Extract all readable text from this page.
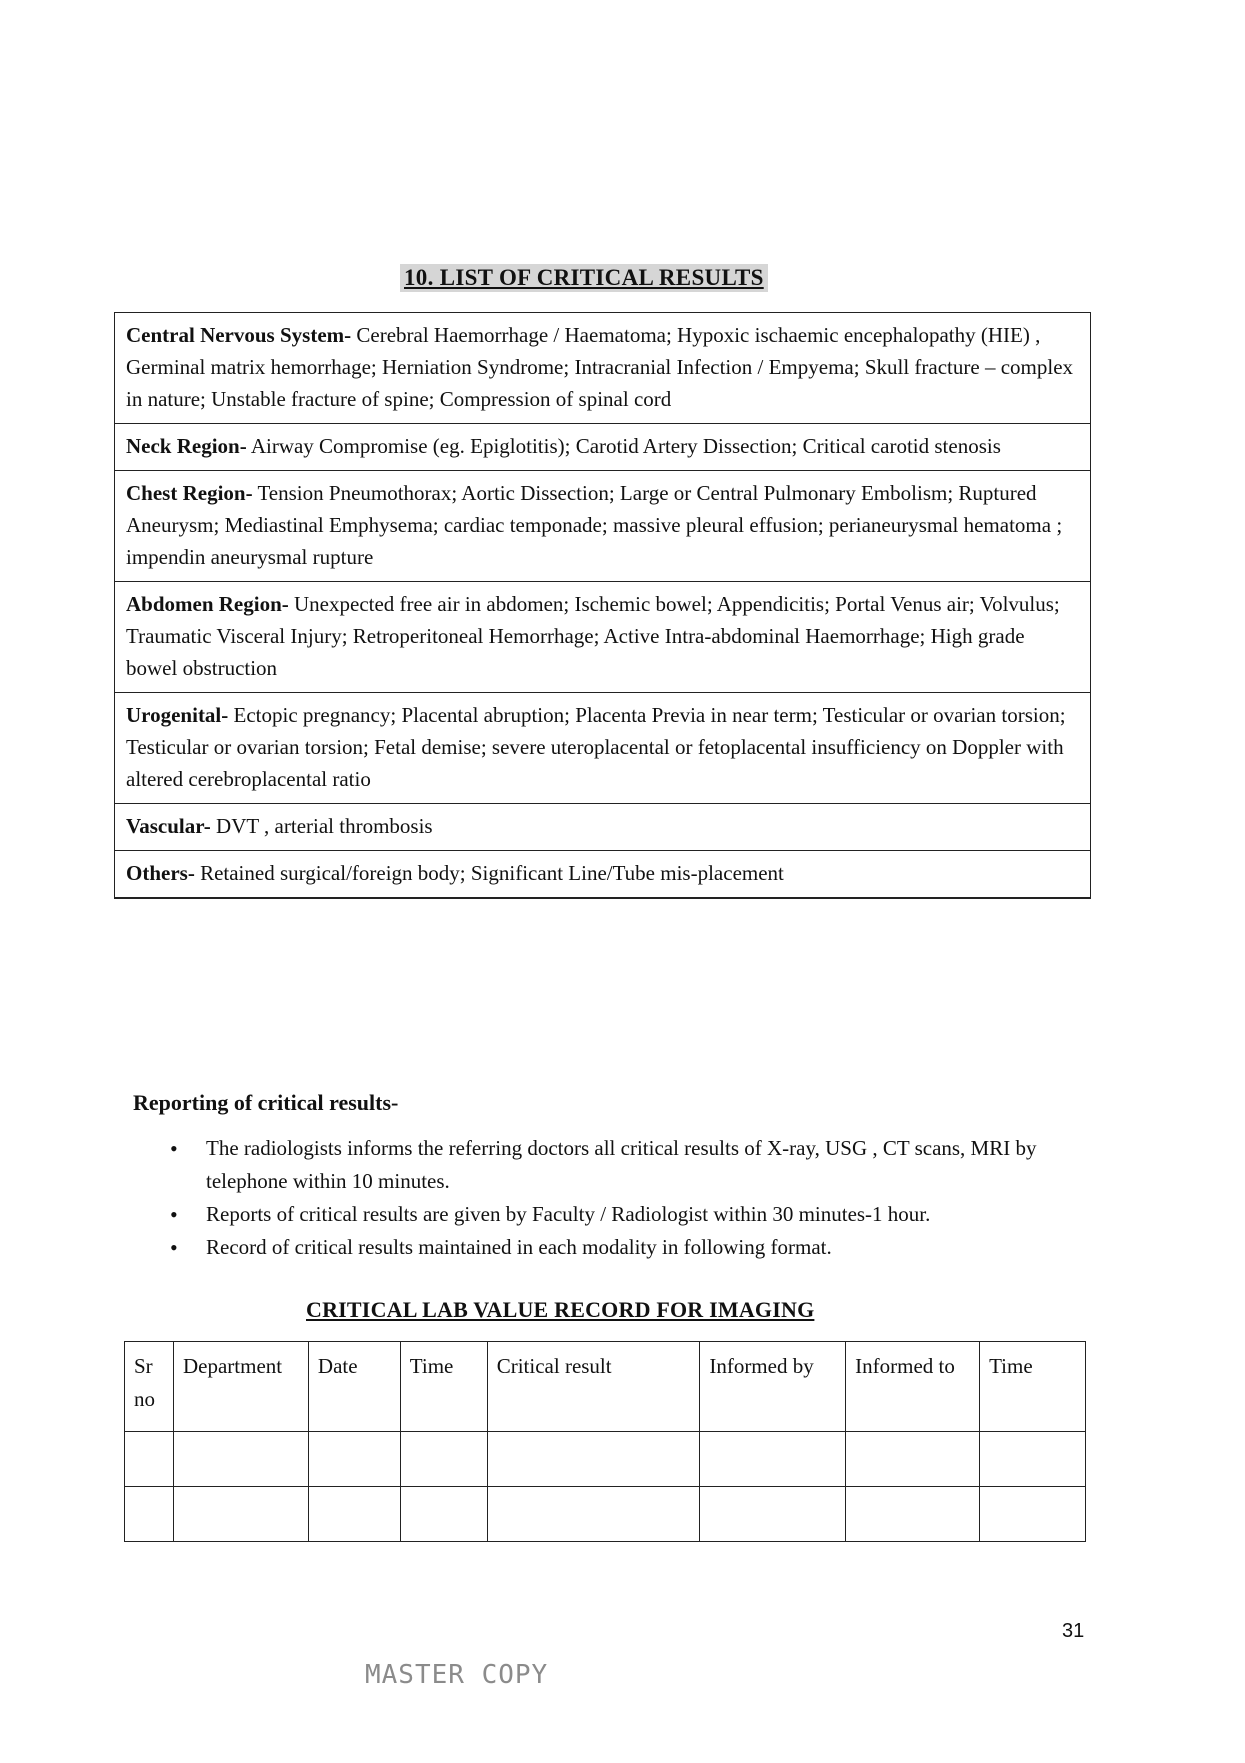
10. LIST OF CRITICAL RESULTS
Central Nervous System- Cerebral Haemorrhage / Haematoma; Hypoxic ischaemic encephalopathy (HIE) , Germinal matrix hemorrhage; Herniation Syndrome; Intracranial Infection / Empyema; Skull fracture – complex in nature; Unstable fracture of spine; Compression of spinal cord
Neck Region- Airway Compromise (eg. Epiglotitis); Carotid Artery Dissection; Critical carotid stenosis
Chest Region- Tension Pneumothorax; Aortic Dissection; Large or Central Pulmonary Embolism; Ruptured Aneurysm; Mediastinal Emphysema; cardiac temponade; massive pleural effusion; perianeurysmal hematoma ; impendin aneurysmal rupture
Abdomen Region- Unexpected free air in abdomen; Ischemic bowel; Appendicitis; Portal Venus air; Volvulus; Traumatic Visceral Injury; Retroperitoneal Hemorrhage; Active Intra-abdominal Haemorrhage; High grade bowel obstruction
Urogenital- Ectopic pregnancy; Placental abruption; Placenta Previa in near term; Testicular or ovarian torsion; Testicular or ovarian torsion; Fetal demise; severe uteroplacental or fetoplacental insufficiency on Doppler with altered cerebroplacental ratio
Vascular- DVT , arterial thrombosis
Others- Retained surgical/foreign body; Significant Line/Tube mis-placement
Reporting of critical results-
• The radiologists informs the referring doctors all critical results of X-ray, USG , CT scans, MRI by telephone within 10 minutes.
• Reports of critical results are given by Faculty / Radiologist within 30 minutes-1 hour.
• Record of critical results maintained in each modality in following format.
CRITICAL LAB VALUE RECORD FOR IMAGING
Sr no	Department	Date	Time	Critical result	Informed by	Informed to	Time

31
MASTER COPY
